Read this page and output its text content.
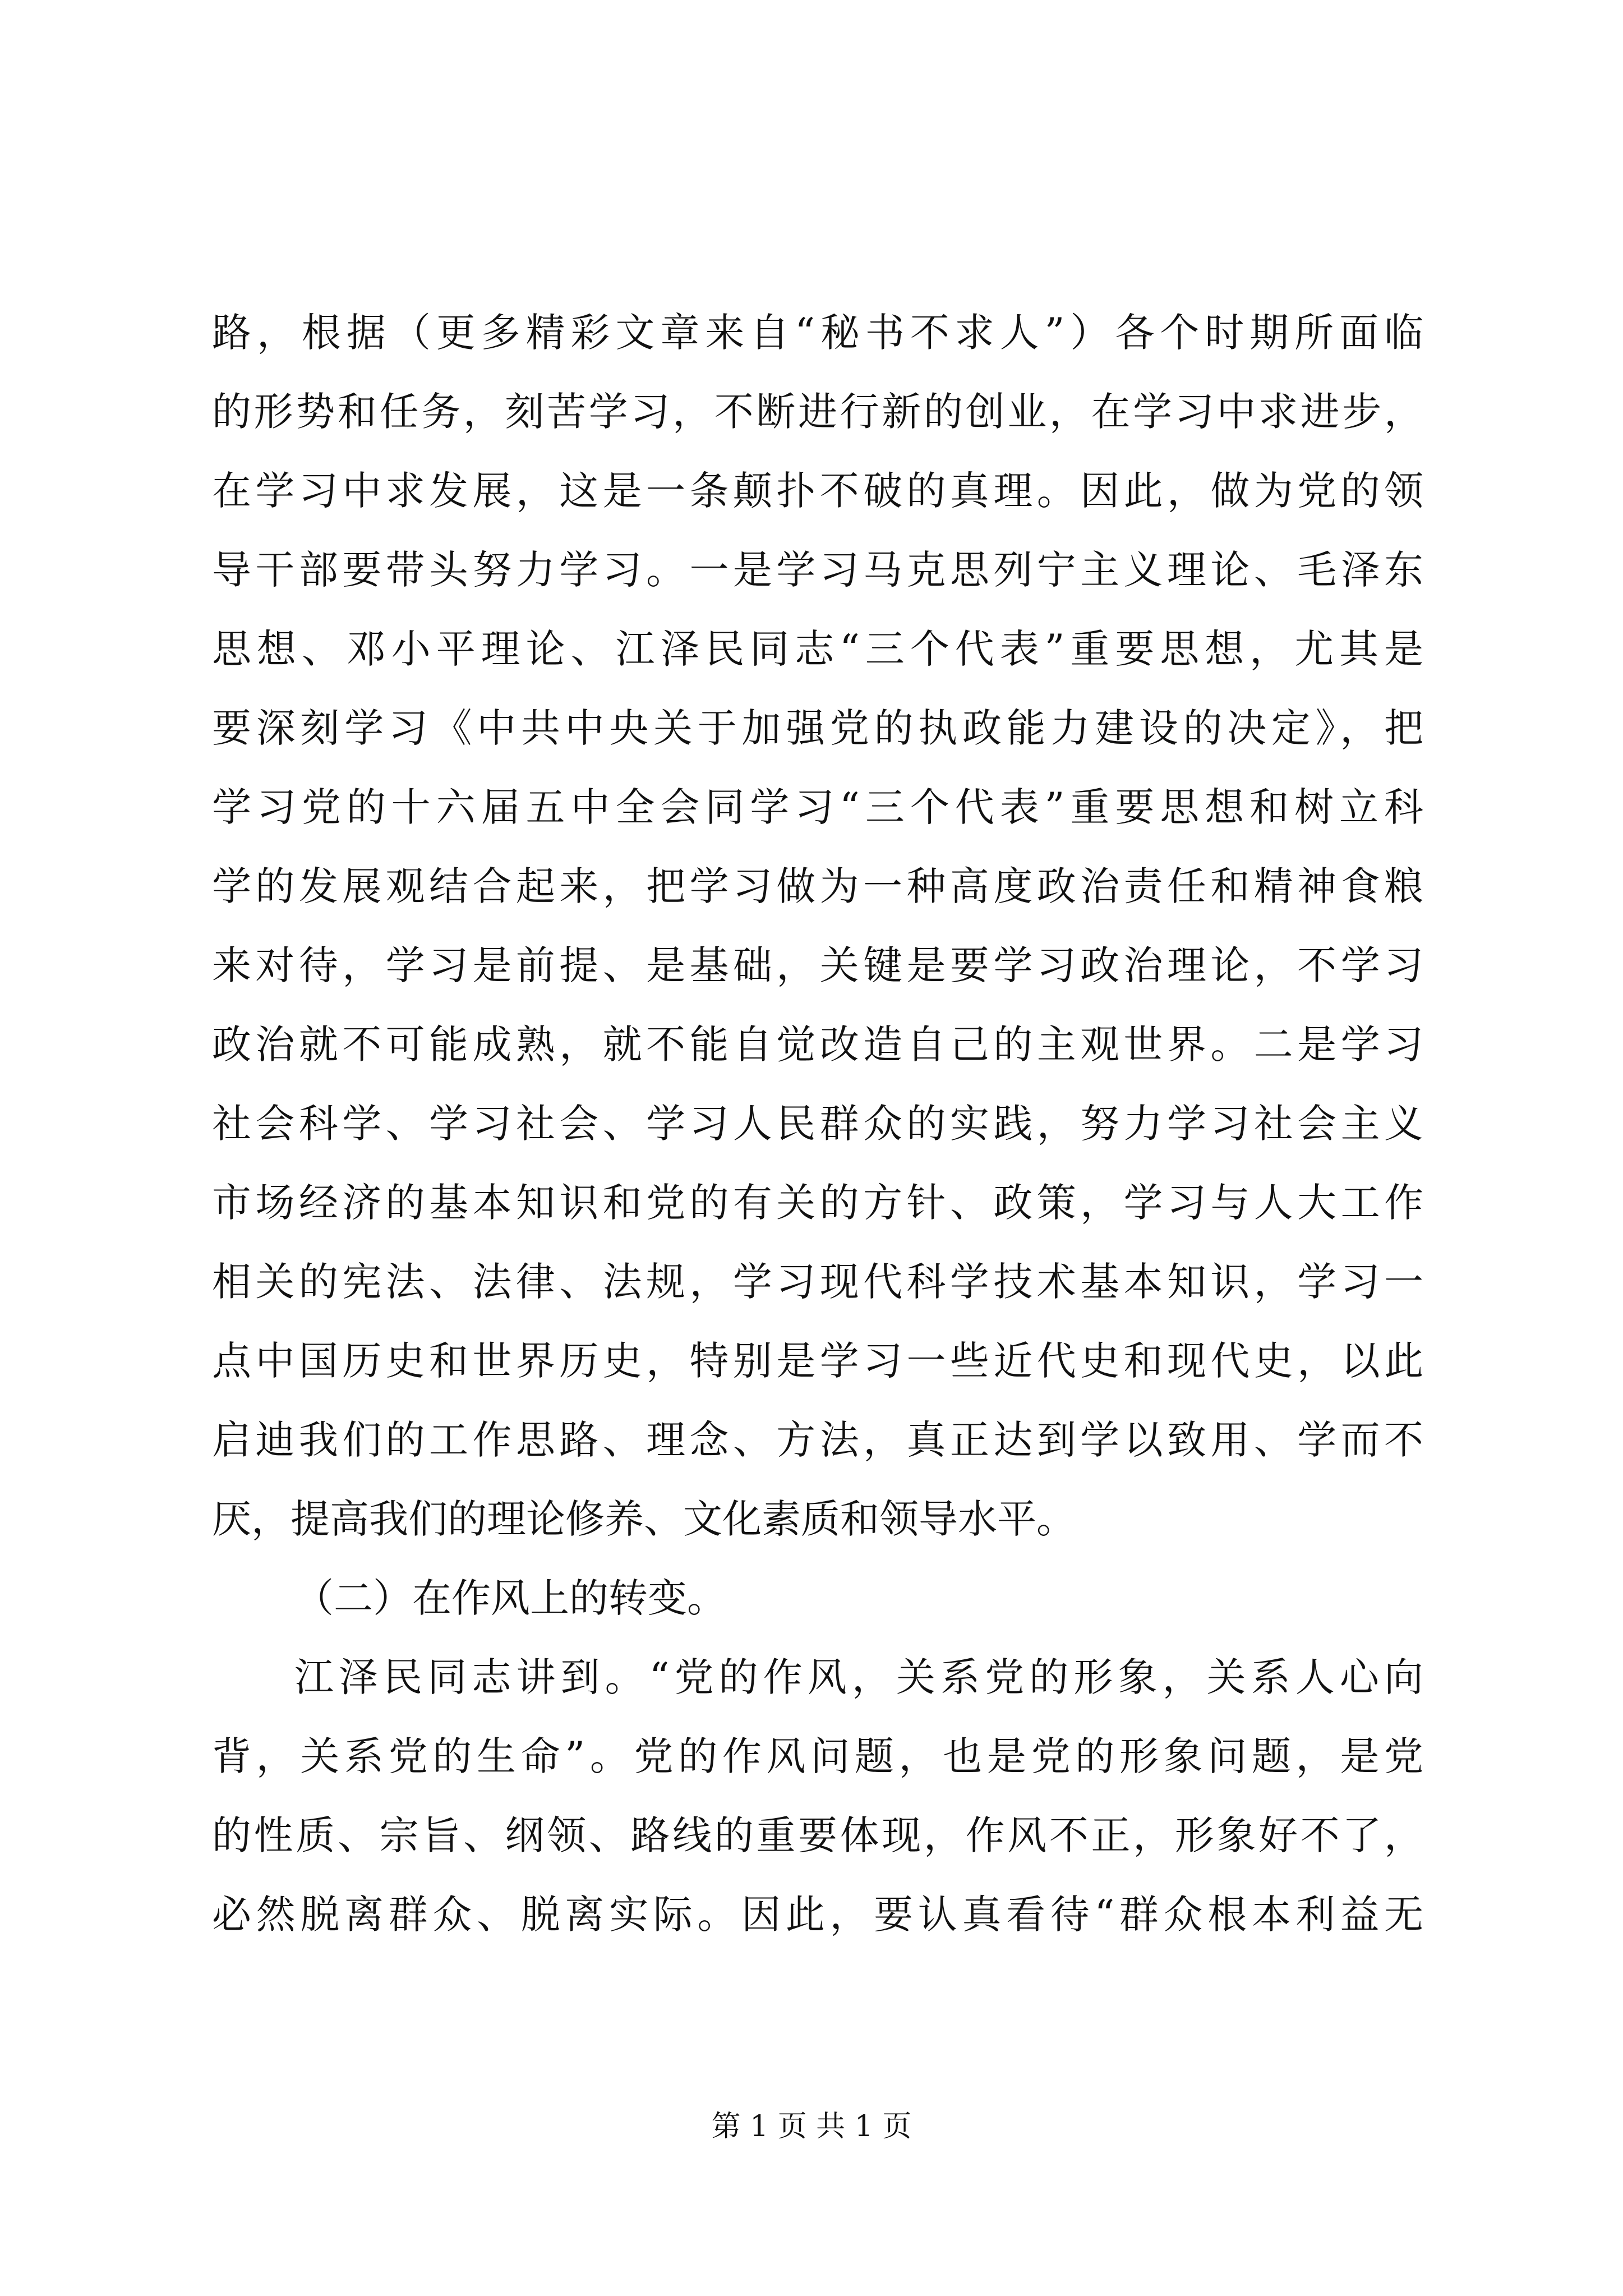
路，根据（更多精彩文章来自“秘书不求人”）各个时期所面临
的形势和任务，刻苦学习，不断进行新的创业，在学习中求进步，
在学习中求发展，这是一条颠扑不破的真理。因此，做为党的领
导干部要带头努力学习。一是学习马克思列宁主义理论、毛泽东
思想、邓小平理论、江泽民同志“三个代表”重要思想，尤其是
要深刻学习《中共中央关于加强党的执政能力建设的决定》，把
学习党的十六届五中全会同学习“三个代表”重要思想和树立科
学的发展观结合起来，把学习做为一种高度政治责任和精神食粮
来对待，学习是前提、是基础，关键是要学习政治理论，不学习
政治就不可能成熟，就不能自觉改造自己的主观世界。二是学习
社会科学、学习社会、学习人民群众的实践，努力学习社会主义
市场经济的基本知识和党的有关的方针、政策，学习与人大工作
相关的宪法、法律、法规，学习现代科学技术基本知识，学习一
点中国历史和世界历史，特别是学习一些近代史和现代史，以此
启迪我们的工作思路、理念、方法，真正达到学以致用、学而不
厌，提高我们的理论修养、文化素质和领导水平。
（二）在作风上的转变。
江泽民同志讲到。“党的作风，关系党的形象，关系人心向
背，关系党的生命”。党的作风问题，也是党的形象问题，是党
的性质、宗旨、纲领、路线的重要体现，作风不正，形象好不了，
必然脱离群众、脱离实际。因此，要认真看待“群众根本利益无
第 1 页 共 1 页
